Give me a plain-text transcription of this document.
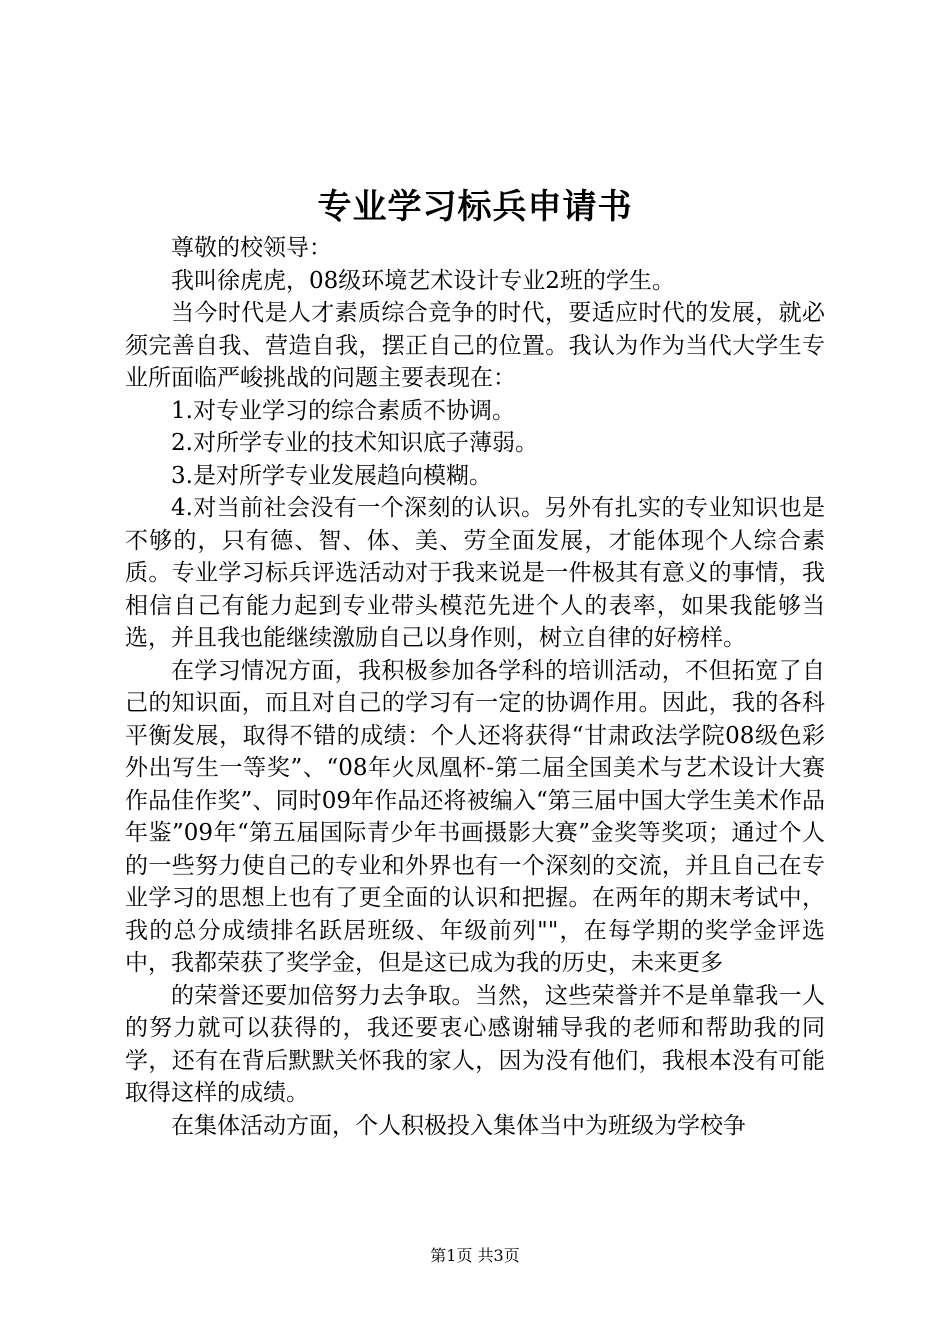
专业学习标兵申请书

尊敬的校领导：

我叫徐虎虎，08级环境艺术设计专业2班的学生。

当今时代是人才素质综合竞争的时代，要适应时代的发展，就必须完善自我、营造自我，摆正自己的位置。我认为作为当代大学生专业所面临严峻挑战的问题主要表现在：

1.对专业学习的综合素质不协调。

2.对所学专业的技术知识底子薄弱。

3.是对所学专业发展趋向模糊。

4.对当前社会没有一个深刻的认识。另外有扎实的专业知识也是不够的，只有德、智、体、美、劳全面发展，才能体现个人综合素质。专业学习标兵评选活动对于我来说是一件极其有意义的事情，我相信自己有能力起到专业带头模范先进个人的表率，如果我能够当选，并且我也能继续激励自己以身作则，树立自律的好榜样。

在学习情况方面，我积极参加各学科的培训活动，不但拓宽了自己的知识面，而且对自己的学习有一定的协调作用。因此，我的各科平衡发展，取得不错的成绩：个人还将获得“甘肃政法学院08级色彩外出写生一等奖”、“08年火凤凰杯-第二届全国美术与艺术设计大赛作品佳作奖”、同时09年作品还将被编入“第三届中国大学生美术作品年鉴”09年“第五届国际青少年书画摄影大赛”金奖等奖项；通过个人的一些努力使自己的专业和外界也有一个深刻的交流，并且自己在专业学习的思想上也有了更全面的认识和把握。在两年的期末考试中，我的总分成绩排名跃居班级、年级前列""，在每学期的奖学金评选中，我都荣获了奖学金，但是这已成为我的历史，未来更多

的荣誉还要加倍努力去争取。当然，这些荣誉并不是单靠我一人的努力就可以获得的，我还要衷心感谢辅导我的老师和帮助我的同学，还有在背后默默关怀我的家人，因为没有他们，我根本没有可能取得这样的成绩。

在集体活动方面，个人积极投入集体当中为班级为学校争

第1页 共3页
